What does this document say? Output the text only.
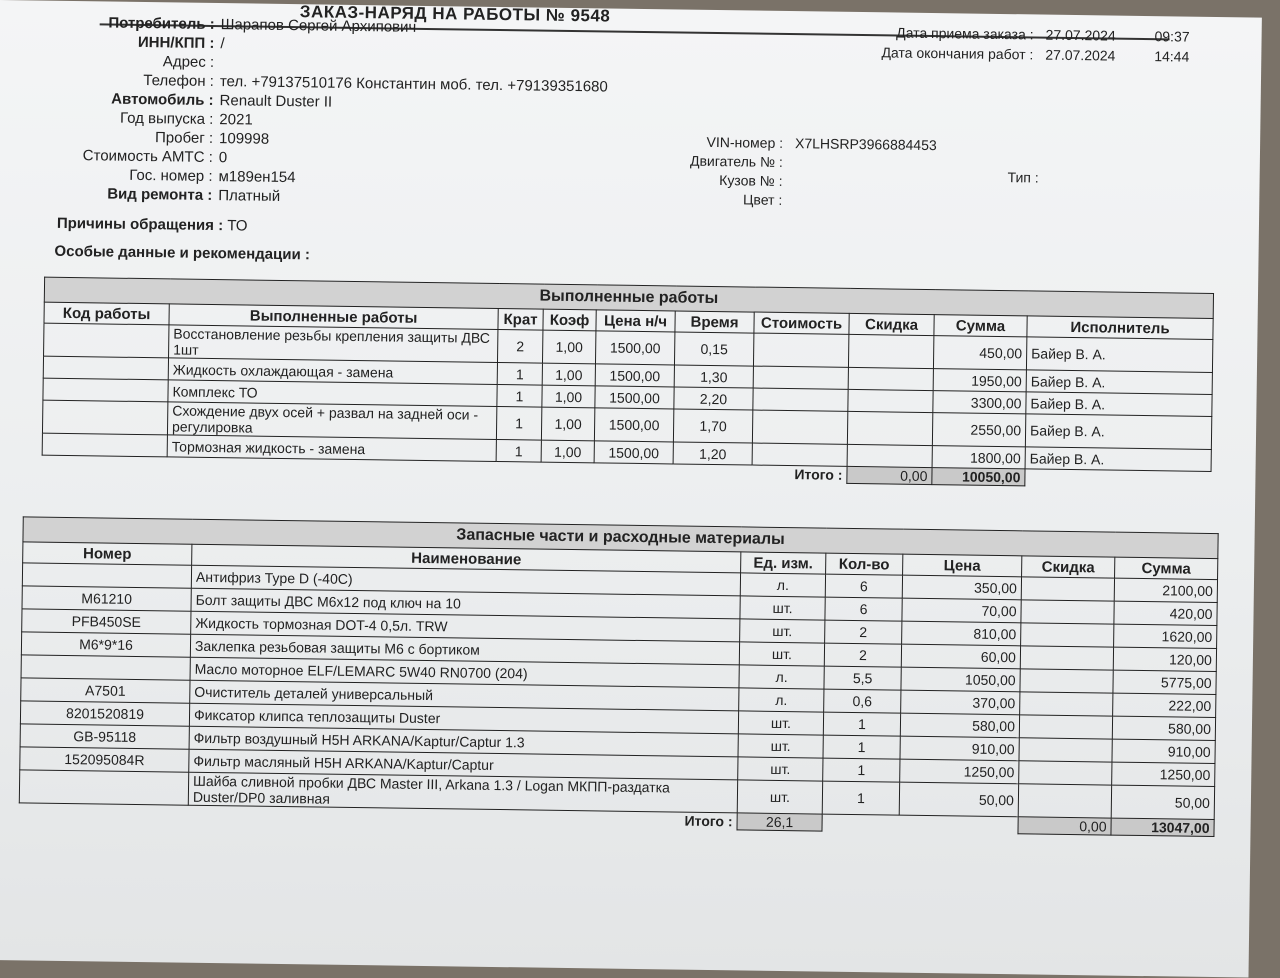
ЗАКАЗ-НАРЯД НА РАБОТЫ № 9548
Дата приема заказа : 27.07.2024	09:37
Дата окончания работ : 27.07.2024	14:44
Потребитель : Шарапов Сергей Архипович
ИНН/КПП : /
Адрес :
Телефон : тел. +79137510176 Константин моб. тел. +79139351680
Автомобиль : Renault Duster II
Год выпуска : 2021
Пробег : 109998
Стоимость АМТС : 0
Гос. номер : м189ен154
Вид ремонта : Платный
VIN-номер : X7LHSRP3966884453
Двигатель № :
Кузов № :
Цвет :
Тип :
Причины обращения : ТО
Особые данные и рекомендации :
Выполненные работы									
Код работы	Выполненные работы	Крат	Коэф	Цена н/ч	Время	Стоимость	Скидка	Сумма	Исполнитель
	Восстановление резьбы крепления защиты ДВС 1шт	2	1,00	1500,00	0,15			450,00	Байер В. А.
	Жидкость охлаждающая - замена	1	1,00	1500,00	1,30			1950,00	Байер В. А.
	Комплекс ТО	1	1,00	1500,00	2,20			3300,00	Байер В. А.
	Схождение двух осей + развал на задней оси - регулировка	1	1,00	1500,00	1,70			2550,00	Байер В. А.
	Тормозная жидкость - замена	1	1,00	1500,00	1,20			1800,00	Байер В. А.
						Итого :	0,00	10050,00	
Запасные части и расходные материалы						
Номер	Наименование	Ед. изм.	Кол-во	Цена	Скидка	Сумма
	Антифриз Type D (-40C)	л.	6	350,00		2100,00
M61210	Болт защиты ДВС М6х12 под ключ на 10	шт.	6	70,00		420,00
PFB450SE	Жидкость тормозная DOT-4 0,5л. TRW	шт.	2	810,00		1620,00
M6*9*16	Заклепка резьбовая защиты М6 с бортиком	шт.	2	60,00		120,00
	Масло моторное ELF/LEMARC 5W40 RN0700 (204)	л.	5,5	1050,00		5775,00
A7501	Очиститель деталей универсальный	л.	0,6	370,00		222,00
8201520819	Фиксатор клипса теплозащиты Duster	шт.	1	580,00		580,00
GB-95118	Фильтр воздушный H5H ARKANA/Kaptur/Captur 1.3	шт.	1	910,00		910,00
152095084R	Фильтр масляный H5H ARKANA/Kaptur/Captur	шт.	1	1250,00		1250,00
	Шайба сливной пробки ДВС Master III, Arkana 1.3 / Logan МКПП-раздатка Duster/DP0 заливная	шт.	1	50,00		50,00
Итого :		26,1			0,00	13047,00
